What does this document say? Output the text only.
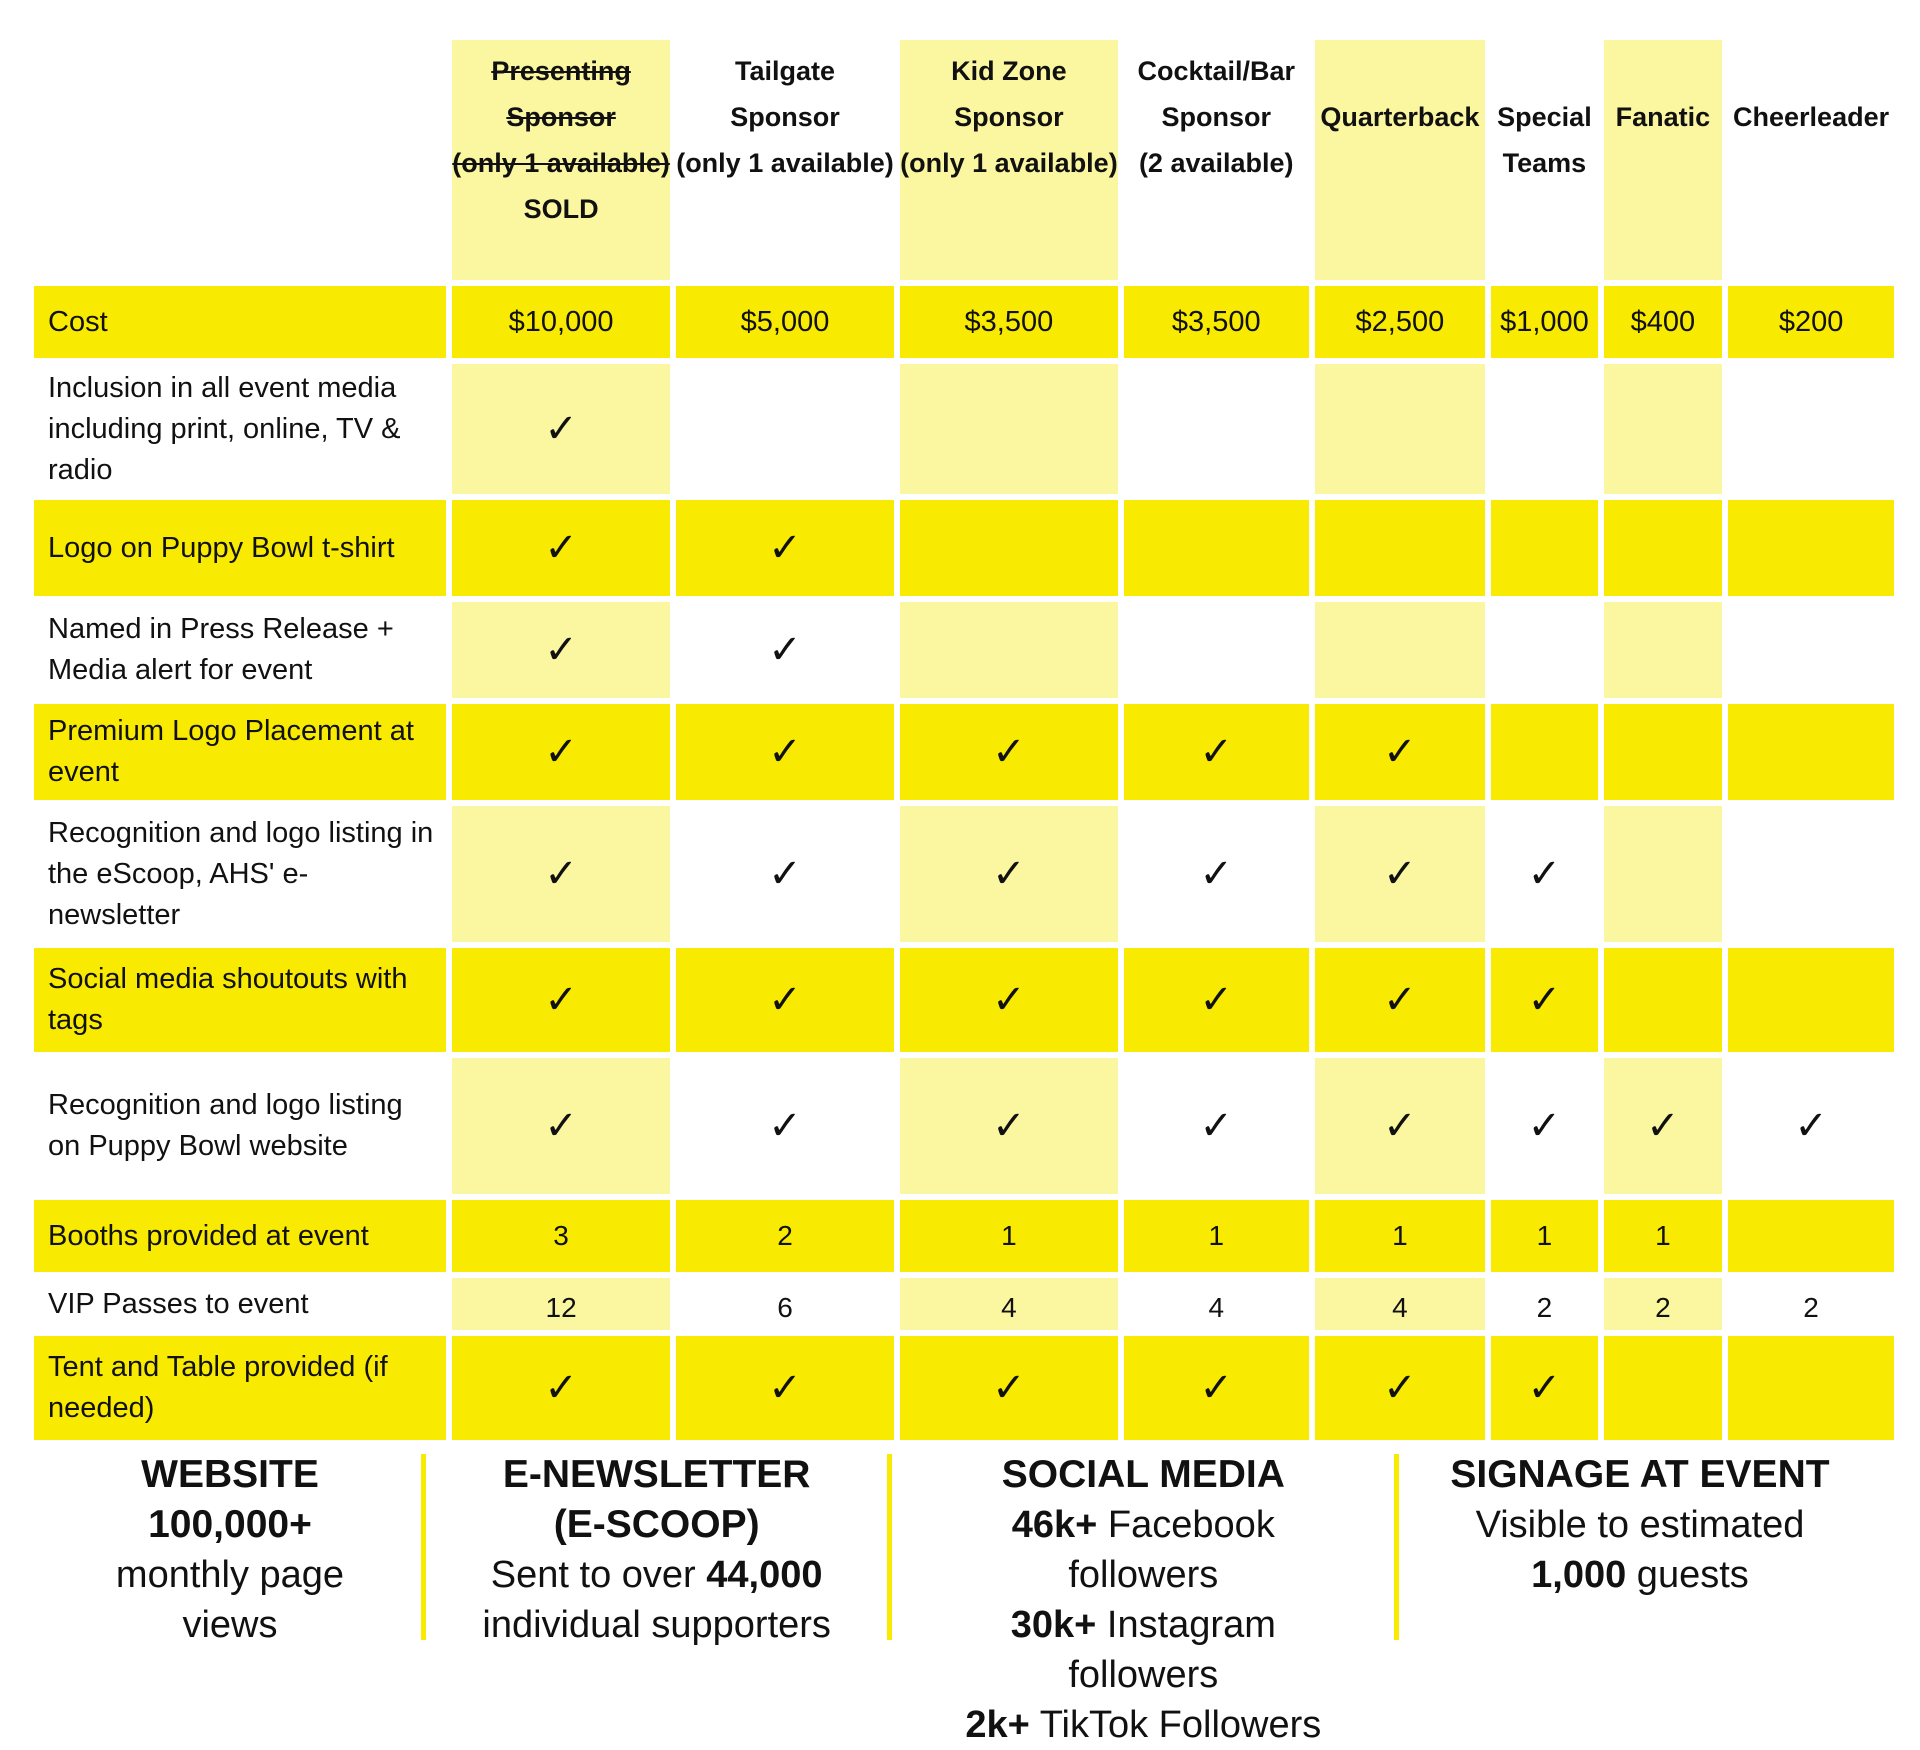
	Presenting
Sponsor
(only 1 available)
SOLD	Tailgate
Sponsor
(only 1 available)	Kid Zone
Sponsor
(only 1 available)	Cocktail/Bar
Sponsor
(2 available)	Quarterback	Special
Teams	Fanatic	Cheerleader

Cost	$10,000	$5,000	$3,500	$3,500	$2,500	$1,000	$400	$200
Inclusion in all event media including print, online, TV & radio	✓							
Logo on Puppy Bowl t-shirt	✓	✓						
Named in Press Release + Media alert for event	✓	✓						
Premium Logo Placement at event	✓	✓	✓	✓	✓			
Recognition and logo listing in the eScoop, AHS' e-newsletter	✓	✓	✓	✓	✓	✓		
Social media shoutouts with tags	✓	✓	✓	✓	✓	✓		
Recognition and logo listing on Puppy Bowl website	✓	✓	✓	✓	✓	✓	✓	✓
Booths provided at event	3	2	1	1	1	1	1	
VIP Passes to event	12	6	4	4	4	2	2	2
Tent and Table provided (if needed)	✓	✓	✓	✓	✓	✓		
WEBSITE
100,000+
monthly page
views
E-NEWSLETTER
(E-SCOOP)
Sent to over 44,000
individual supporters
SOCIAL MEDIA
46k+ Facebook followers
30k+ Instagram followers
2k+ TikTok Followers
SIGNAGE AT EVENT
Visible to estimated
1,000 guests
